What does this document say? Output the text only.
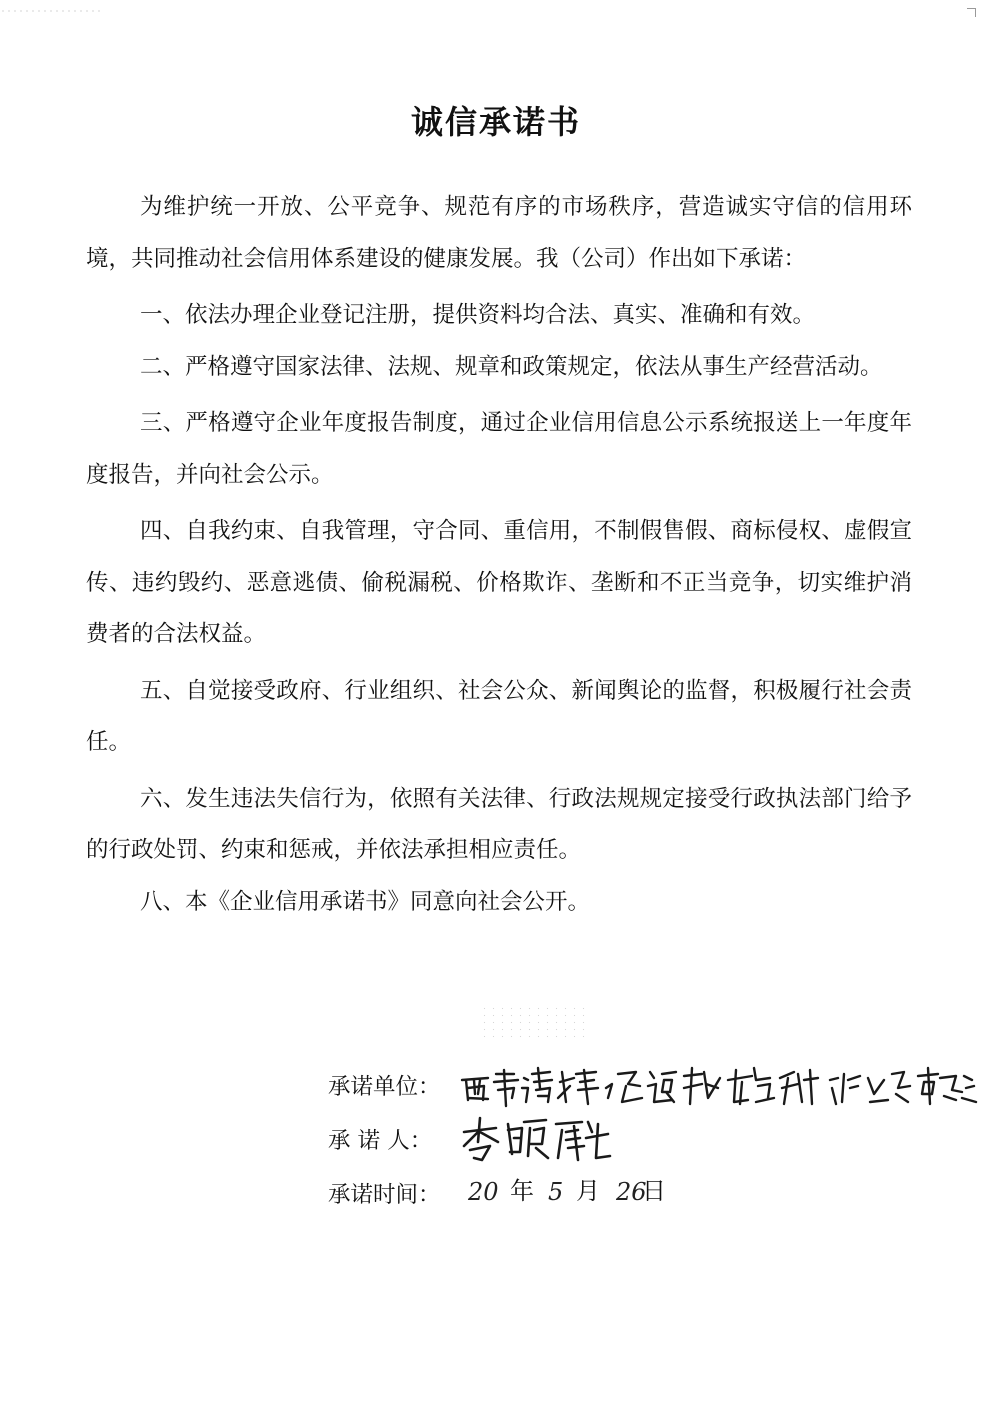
诚信承诺书

为维护统一开放、公平竞争、规范有序的市场秩序，营造诚实守信的信用环境，共同推动社会信用体系建设的健康发展。我（公司）作出如下承诺：

一、依法办理企业登记注册，提供资料均合法、真实、准确和有效。

二、严格遵守国家法律、法规、规章和政策规定，依法从事生产经营活动。

三、严格遵守企业年度报告制度，通过企业信用信息公示系统报送上一年度年度报告，并向社会公示。

四、自我约束、自我管理，守合同、重信用，不制假售假、商标侵权、虚假宣传、违约毁约、恶意逃债、偷税漏税、价格欺诈、垄断和不正当竞争，切实维护消费者的合法权益。

五、自觉接受政府、行业组织、社会公众、新闻舆论的监督，积极履行社会责任。

六、发生违法失信行为，依照有关法律、行政法规规定接受行政执法部门给予的行政处罚、约束和惩戒，并依法承担相应责任。

八、本《企业信用承诺书》同意向社会公开。

承诺单位：
承 诺 人：
承诺时间：	20 年 5 月 26
日
